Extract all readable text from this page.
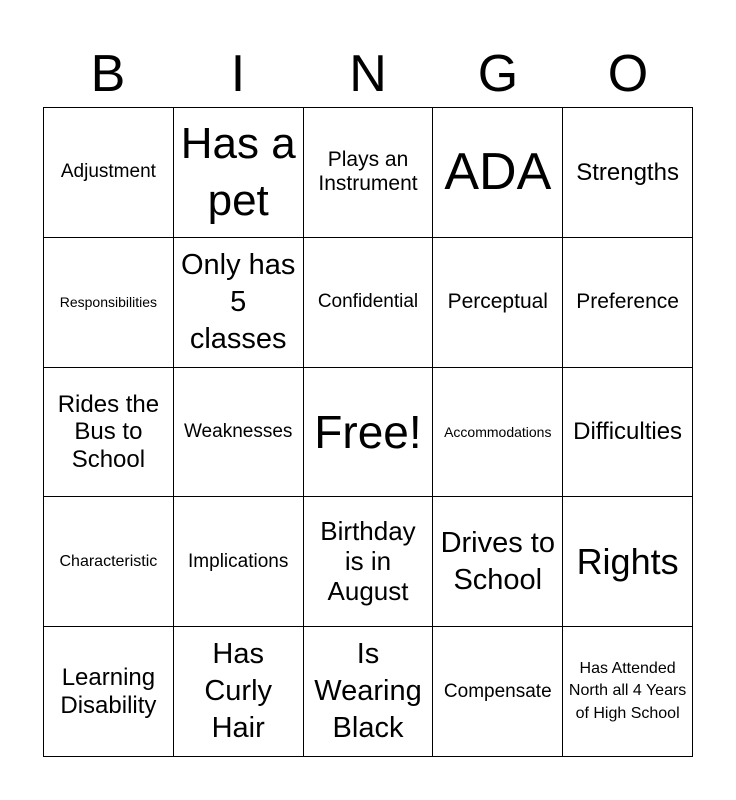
B	I	N	G	O
Adjustment
Has a pet
Plays an Instrument ADA Strengths
Responsibilities
Only has 5 classes
Confidential Perceptual Preference
Rides the Bus to School
Weaknesses Free! Accommodations Difficulties
Characteristic Implications
Birthday is in August
Drives to School Rights
Learning Disability
Has Curly Hair
Is Wearing Black
Compensate
Has Attended North all 4 Years of High School
